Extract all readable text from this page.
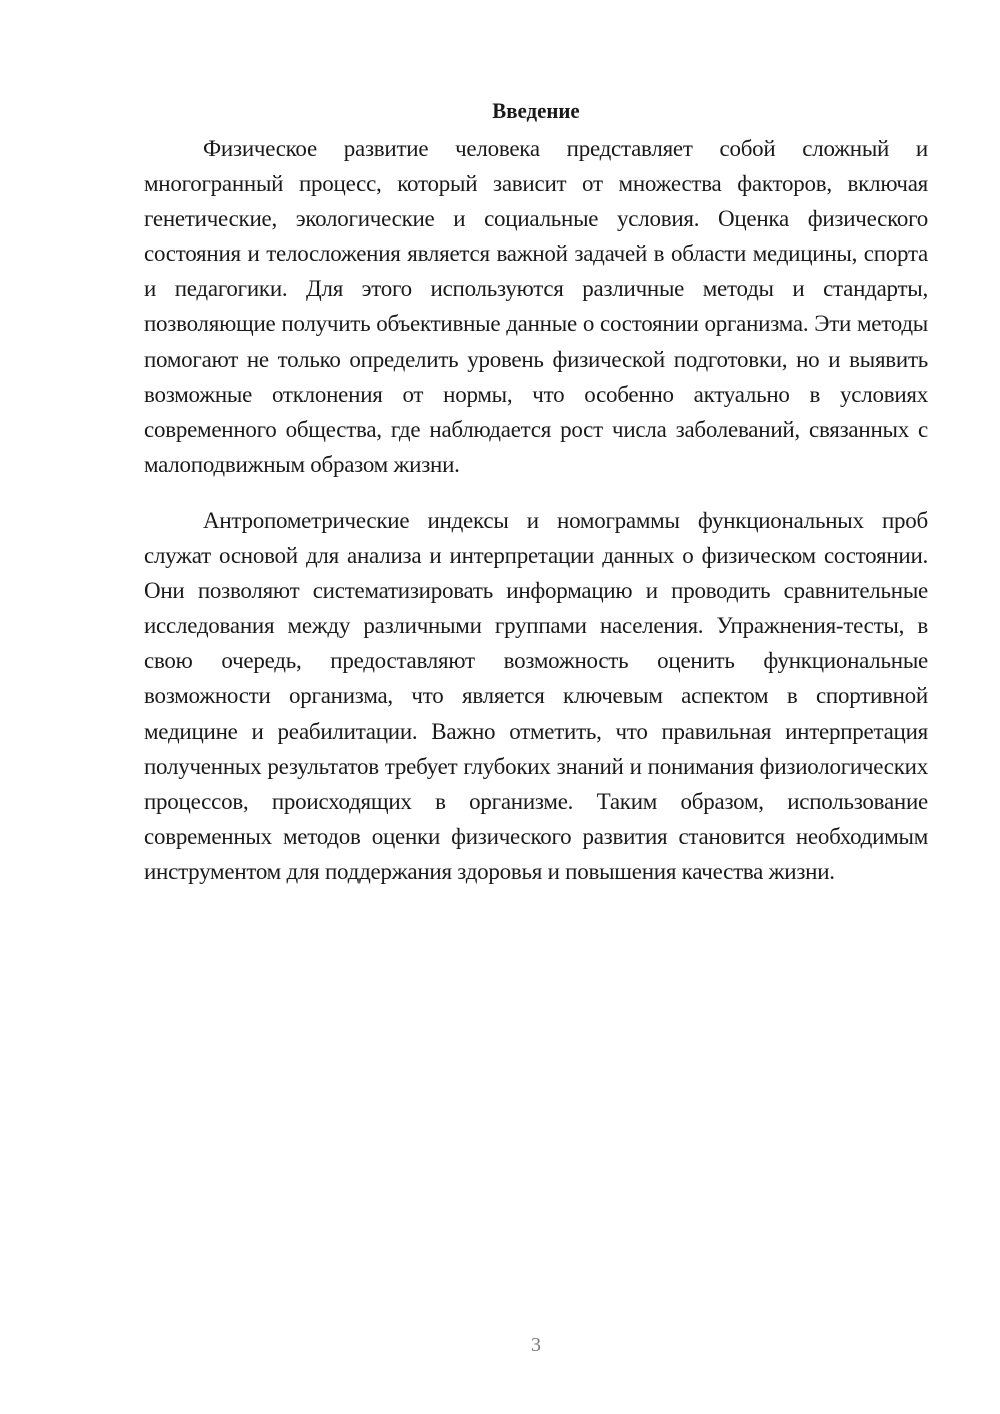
Введение

Физическое развитие человека представляет собой сложный и многогранный процесс, который зависит от множества факторов, включая генетические, экологические и социальные условия. Оценка физического состояния и телосложения является важной задачей в области медицины, спорта и педагогики. Для этого используются различные методы и стандарты, позволяющие получить объективные данные о состоянии организма. Эти методы помогают не только определить уровень физической подготовки, но и выявить возможные отклонения от нормы, что особенно актуально в условиях современного общества, где наблюдается рост числа заболеваний, связанных с малоподвижным образом жизни.

Антропометрические индексы и номограммы функциональных проб служат основой для анализа и интерпретации данных о физическом состоянии. Они позволяют систематизировать информацию и проводить сравнительные исследования между различными группами населения. Упражнения-тесты, в свою очередь, предоставляют возможность оценить функциональные возможности организма, что является ключевым аспектом в спортивной медицине и реабилитации. Важно отметить, что правильная интерпретация полученных результатов требует глубоких знаний и понимания физиологических процессов, происходящих в организме. Таким образом, использование современных методов оценки физического развития становится необходимым инструментом для поддержания здоровья и повышения качества жизни.

3
